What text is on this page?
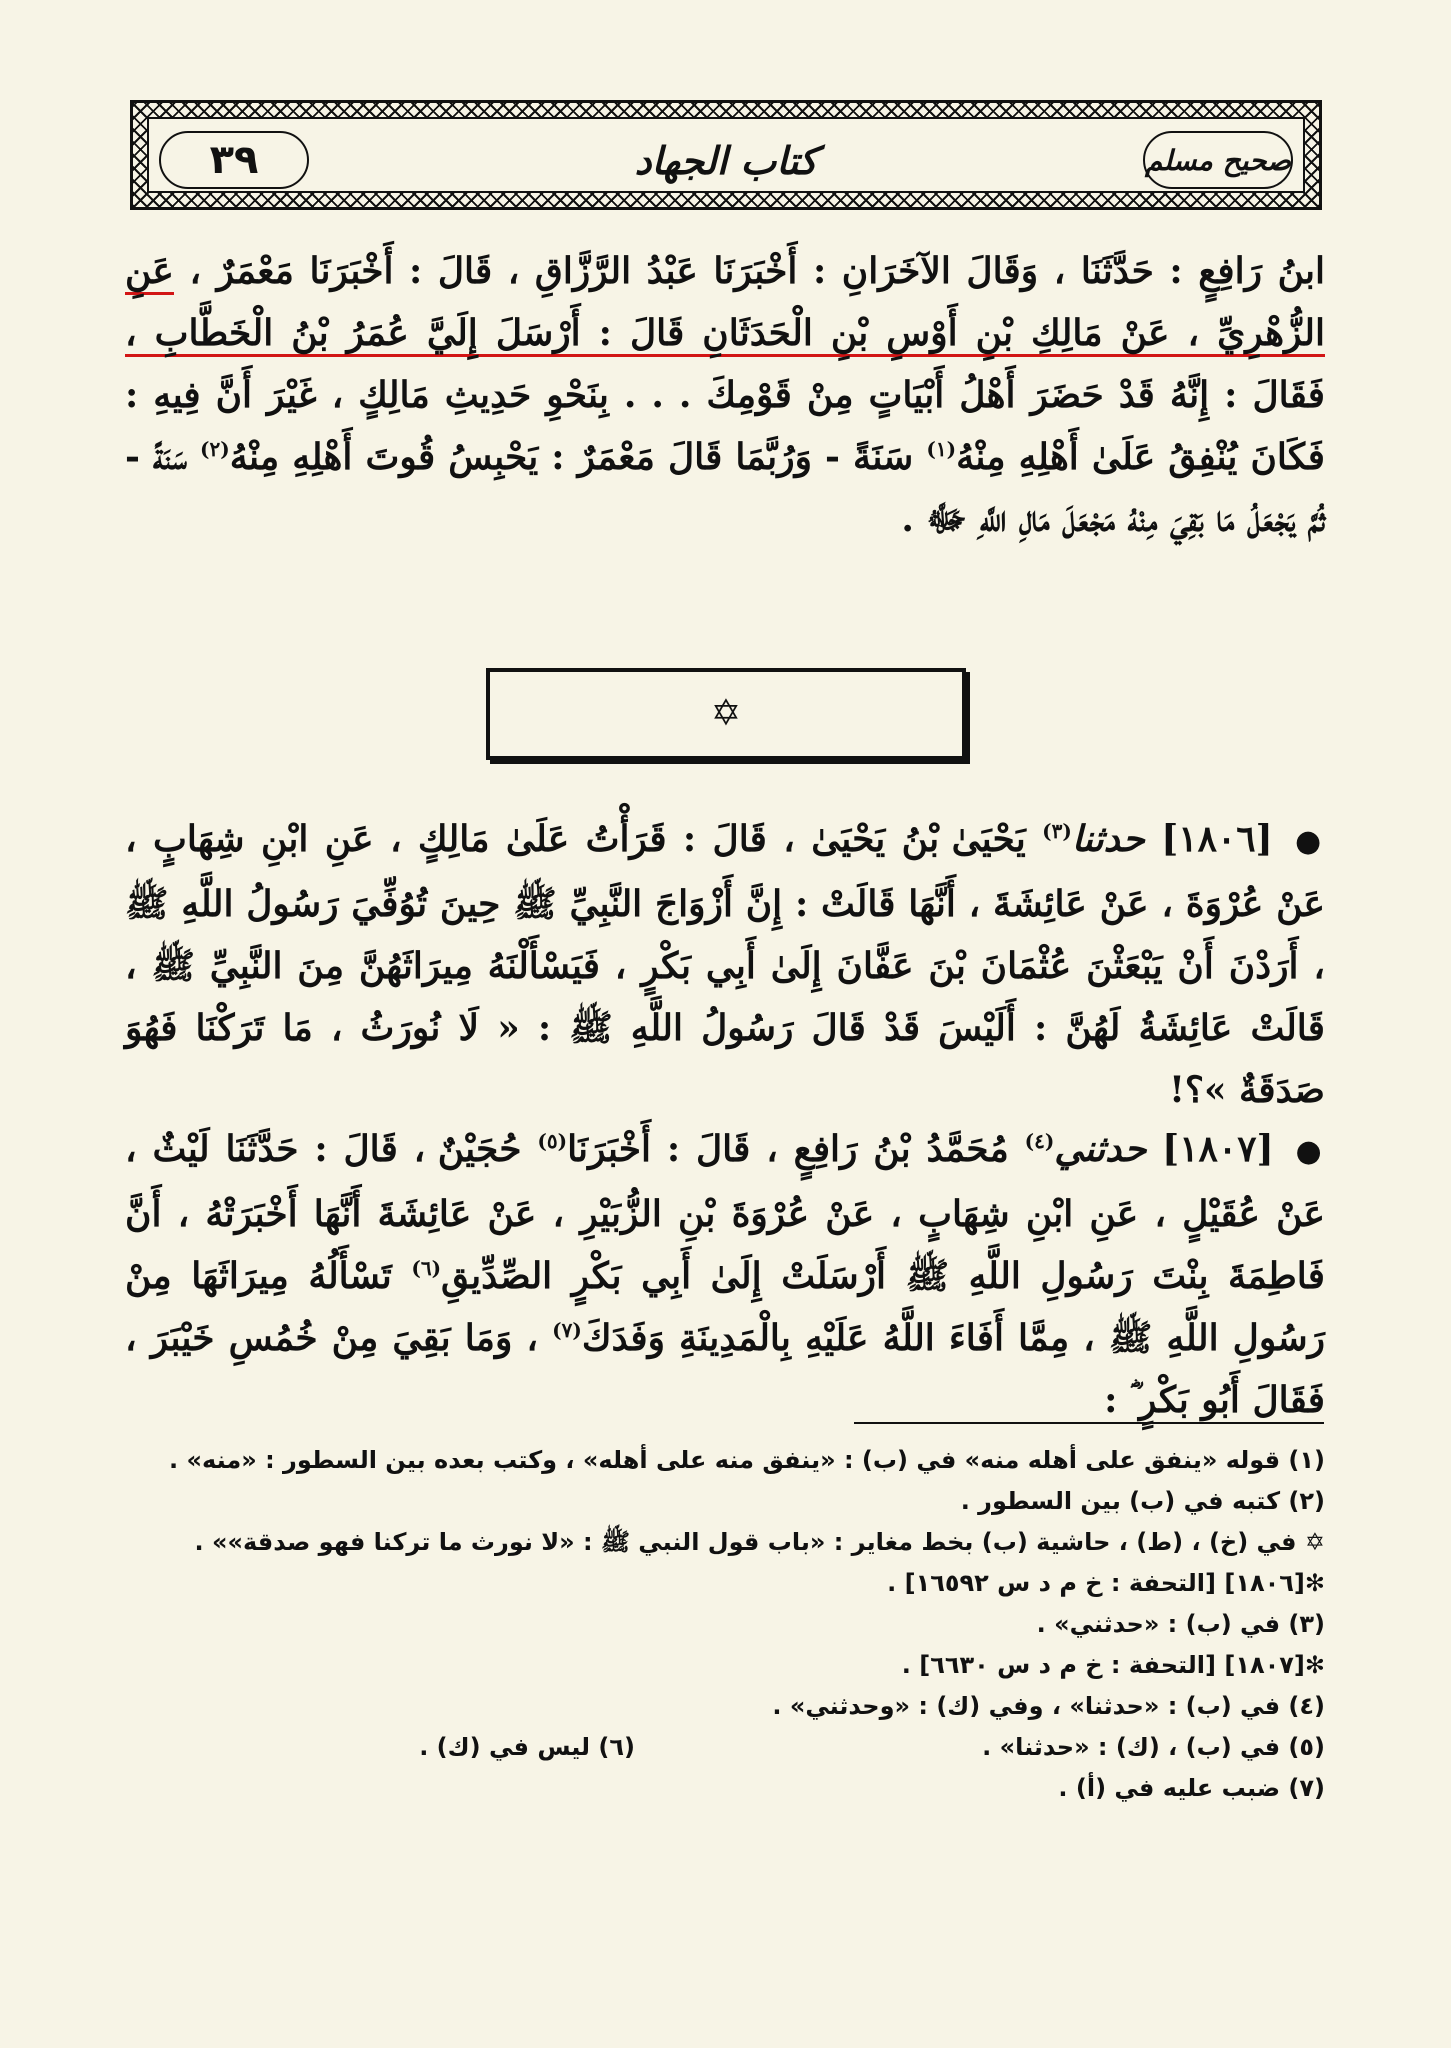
٣٩	كتاب الجهاد	صحيح مسلم
ابنُ رَافِعٍ : حَدَّثَنَا ، وَقَالَ الآخَرَانِ : أَخْبَرَنَا عَبْدُ الرَّزَّاقِ ، قَالَ : أَخْبَرَنَا مَعْمَرٌ ، عَنِ الزُّهْرِيِّ ، عَنْ مَالِكِ بْنِ أَوْسِ بْنِ الْحَدَثَانِ قَالَ : أَرْسَلَ إِلَيَّ عُمَرُ بْنُ الْخَطَّابِ ، فَقَالَ : إِنَّهُ قَدْ حَضَرَ أَهْلُ أَبْيَاتٍ مِنْ قَوْمِكَ . . . بِنَحْوِ حَدِيثِ مَالِكٍ ، غَيْرَ أَنَّ فِيهِ : فَكَانَ يُنْفِقُ عَلَىٰ أَهْلِهِ مِنْهُ$^{(١)}$ سَنَةً - وَرُبَّمَا قَالَ مَعْمَرٌ : يَحْبِسُ قُوتَ أَهْلِهِ مِنْهُ$^{(٢)}$ سَنَةً - ثُمَّ يَجْعَلُ مَا بَقِيَ مِنْهُ مَجْعَلَ مَالِ اللَّهِ ﷻ .
✡
● [١٨٠٦] حدثنا$^{(٣)}$ يَحْيَىٰ بْنُ يَحْيَىٰ ، قَالَ : قَرَأْتُ عَلَىٰ مَالِكٍ ، عَنِ ابْنِ شِهَابٍ ، عَنْ عُرْوَةَ ، عَنْ عَائِشَةَ ، أَنَّهَا قَالَتْ : إِنَّ أَزْوَاجَ النَّبِيِّ ﷺ حِينَ تُوُفِّيَ رَسُولُ اللَّهِ ﷺ ، أَرَدْنَ أَنْ يَبْعَثْنَ عُثْمَانَ بْنَ عَفَّانَ إِلَىٰ أَبِي بَكْرٍ ، فَيَسْأَلْنَهُ مِيرَاثَهُنَّ مِنَ النَّبِيِّ ﷺ ، قَالَتْ عَائِشَةُ لَهُنَّ : أَلَيْسَ قَدْ قَالَ رَسُولُ اللَّهِ ﷺ : « لَا نُورَثُ ، مَا تَرَكْنَا فَهُوَ صَدَقَةٌ »؟!
● [١٨٠٧] حدثني$^{(٤)}$ مُحَمَّدُ بْنُ رَافِعٍ ، قَالَ : أَخْبَرَنَا$^{(٥)}$ حُجَيْنٌ ، قَالَ : حَدَّثَنَا لَيْثٌ ، عَنْ عُقَيْلٍ ، عَنِ ابْنِ شِهَابٍ ، عَنْ عُرْوَةَ بْنِ الزُّبَيْرِ ، عَنْ عَائِشَةَ أَنَّهَا أَخْبَرَتْهُ ، أَنَّ فَاطِمَةَ بِنْتَ رَسُولِ اللَّهِ ﷺ أَرْسَلَتْ إِلَىٰ أَبِي بَكْرٍ الصِّدِّيقِ$^{(٦)}$ تَسْأَلُهُ مِيرَاثَهَا مِنْ رَسُولِ اللَّهِ ﷺ ، مِمَّا أَفَاءَ اللَّهُ عَلَيْهِ بِالْمَدِينَةِ وَفَدَكَ$^{(٧)}$ ، وَمَا بَقِيَ مِنْ خُمُسِ خَيْبَرَ ، فَقَالَ أَبُو بَكْرٍ ؓ :
(١) قوله «ينفق على أهله منه» في (ب) : «ينفق منه على أهله» ، وكتب بعده بين السطور : «منه» .
(٢) كتبه في (ب) بين السطور .
✡ في (خ) ، (ط) ، حاشية (ب) بخط مغاير : «باب قول النبي ﷺ : «لا نورث ما تركنا فهو صدقة»» .
✻[١٨٠٦] [التحفة : خ م د س ١٦٥٩٢] .
(٣) في (ب) : «حدثني» .
✻[١٨٠٧] [التحفة : خ م د س ٦٦٣٠] .
(٤) في (ب) : «حدثنا» ، وفي (ك) : «وحدثني» .
(٥) في (ب) ، (ك) : «حدثنا» .
(٦) ليس في (ك) .
(٧) ضبب عليه في (أ) .
